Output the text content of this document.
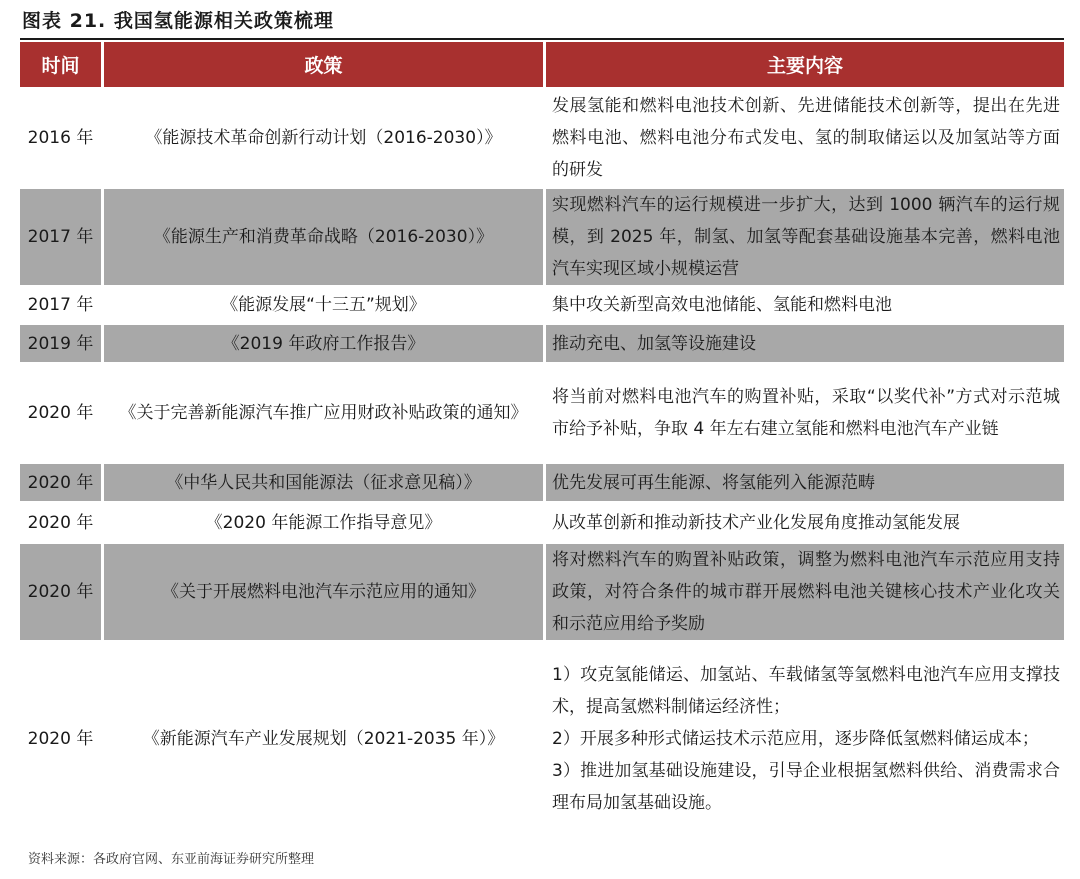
图表 21. 我国氢能源相关政策梳理
时间	政策	主要内容
2016 年	《能源技术革命创新行动计划（2016-2030）》	发展氢能和燃料电池技术创新、先进储能技术创新等，提出在先进燃料电池、燃料电池分布式发电、氢的制取储运以及加氢站等方面的研发

2017 年	《能源生产和消费革命战略（2016-2030）》	实现燃料汽车的运行规模进一步扩大，达到 1000 辆汽车的运行规模，到 2025 年，制氢、加氢等配套基础设施基本完善，燃料电池汽车实现区域小规模运营

2017 年	《能源发展“十三五”规划》	集中攻关新型高效电池储能、氢能和燃料电池

2019 年	《2019 年政府工作报告》	推动充电、加氢等设施建设

2020 年	《关于完善新能源汽车推广应用财政补贴政策的通知》	将当前对燃料电池汽车的购置补贴，采取“以奖代补”方式对示范城市给予补贴，争取 4 年左右建立氢能和燃料电池汽车产业链

2020 年	《中华人民共和国能源法（征求意见稿）》	优先发展可再生能源、将氢能列入能源范畴

2020 年	《2020 年能源工作指导意见》	从改革创新和推动新技术产业化发展角度推动氢能发展

2020 年	《关于开展燃料电池汽车示范应用的通知》	将对燃料汽车的购置补贴政策，调整为燃料电池汽车示范应用支持政策，对符合条件的城市群开展燃料电池关键核心技术产业化攻关和示范应用给予奖励

2020 年	《新能源汽车产业发展规划（2021-2035 年）》	1）攻克氢能储运、加氢站、车载储氢等氢燃料电池汽车应用支撑技术，提高氢燃料制储运经济性；
2）开展多种形式储运技术示范应用，逐步降低氢燃料储运成本；
3）推进加氢基础设施建设，引导企业根据氢燃料供给、消费需求合理布局加氢基础设施。
资料来源：各政府官网、东亚前海证券研究所整理
